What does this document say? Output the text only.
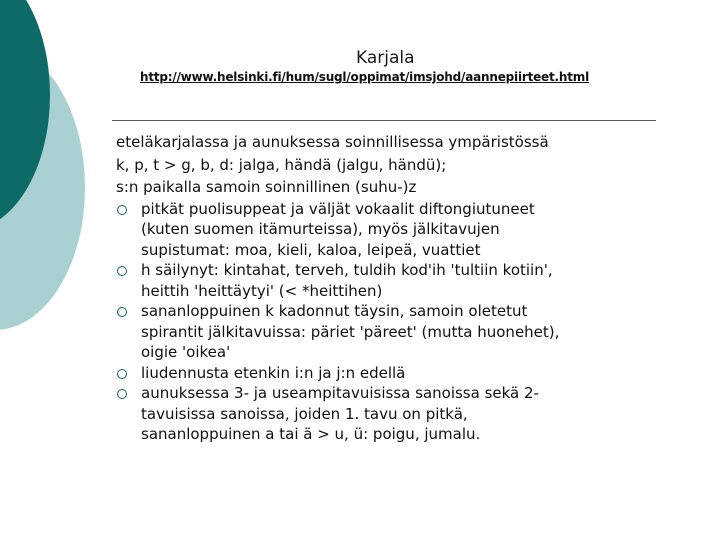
Karjala
http://www.helsinki.fi/hum/sugl/oppimat/imsjohd/aannepiirteet.html
eteläkarjalassa ja aunuksessa soinnillisessa ympäristössä
k, p, t > g, b, d: jalga, händä (jalgu, händü);
s:n paikalla samoin soinnillinen (suhu-)z
pitkät puolisuppeat ja väljät vokaalit diftongiutuneet
(kuten suomen itämurteissa), myös jälkitavujen
supistumat: moa, kieli, kaloa, leipeä, vuattiet
h säilynyt: kintahat, terveh, tuldih kod'ih 'tultiin kotiin',
heittih 'heittäytyi' (< *heittihen)
sananloppuinen k kadonnut täysin, samoin oletetut
spirantit jälkitavuissa: päriet 'päreet' (mutta huonehet),
oigie 'oikea'
liudennusta etenkin i:n ja j:n edellä
aunuksessa 3- ja useampitavuisissa sanoissa sekä 2-
tavuisissa sanoissa, joiden 1. tavu on pitkä,
sananloppuinen a tai ä > u, ü: poigu, jumalu.
